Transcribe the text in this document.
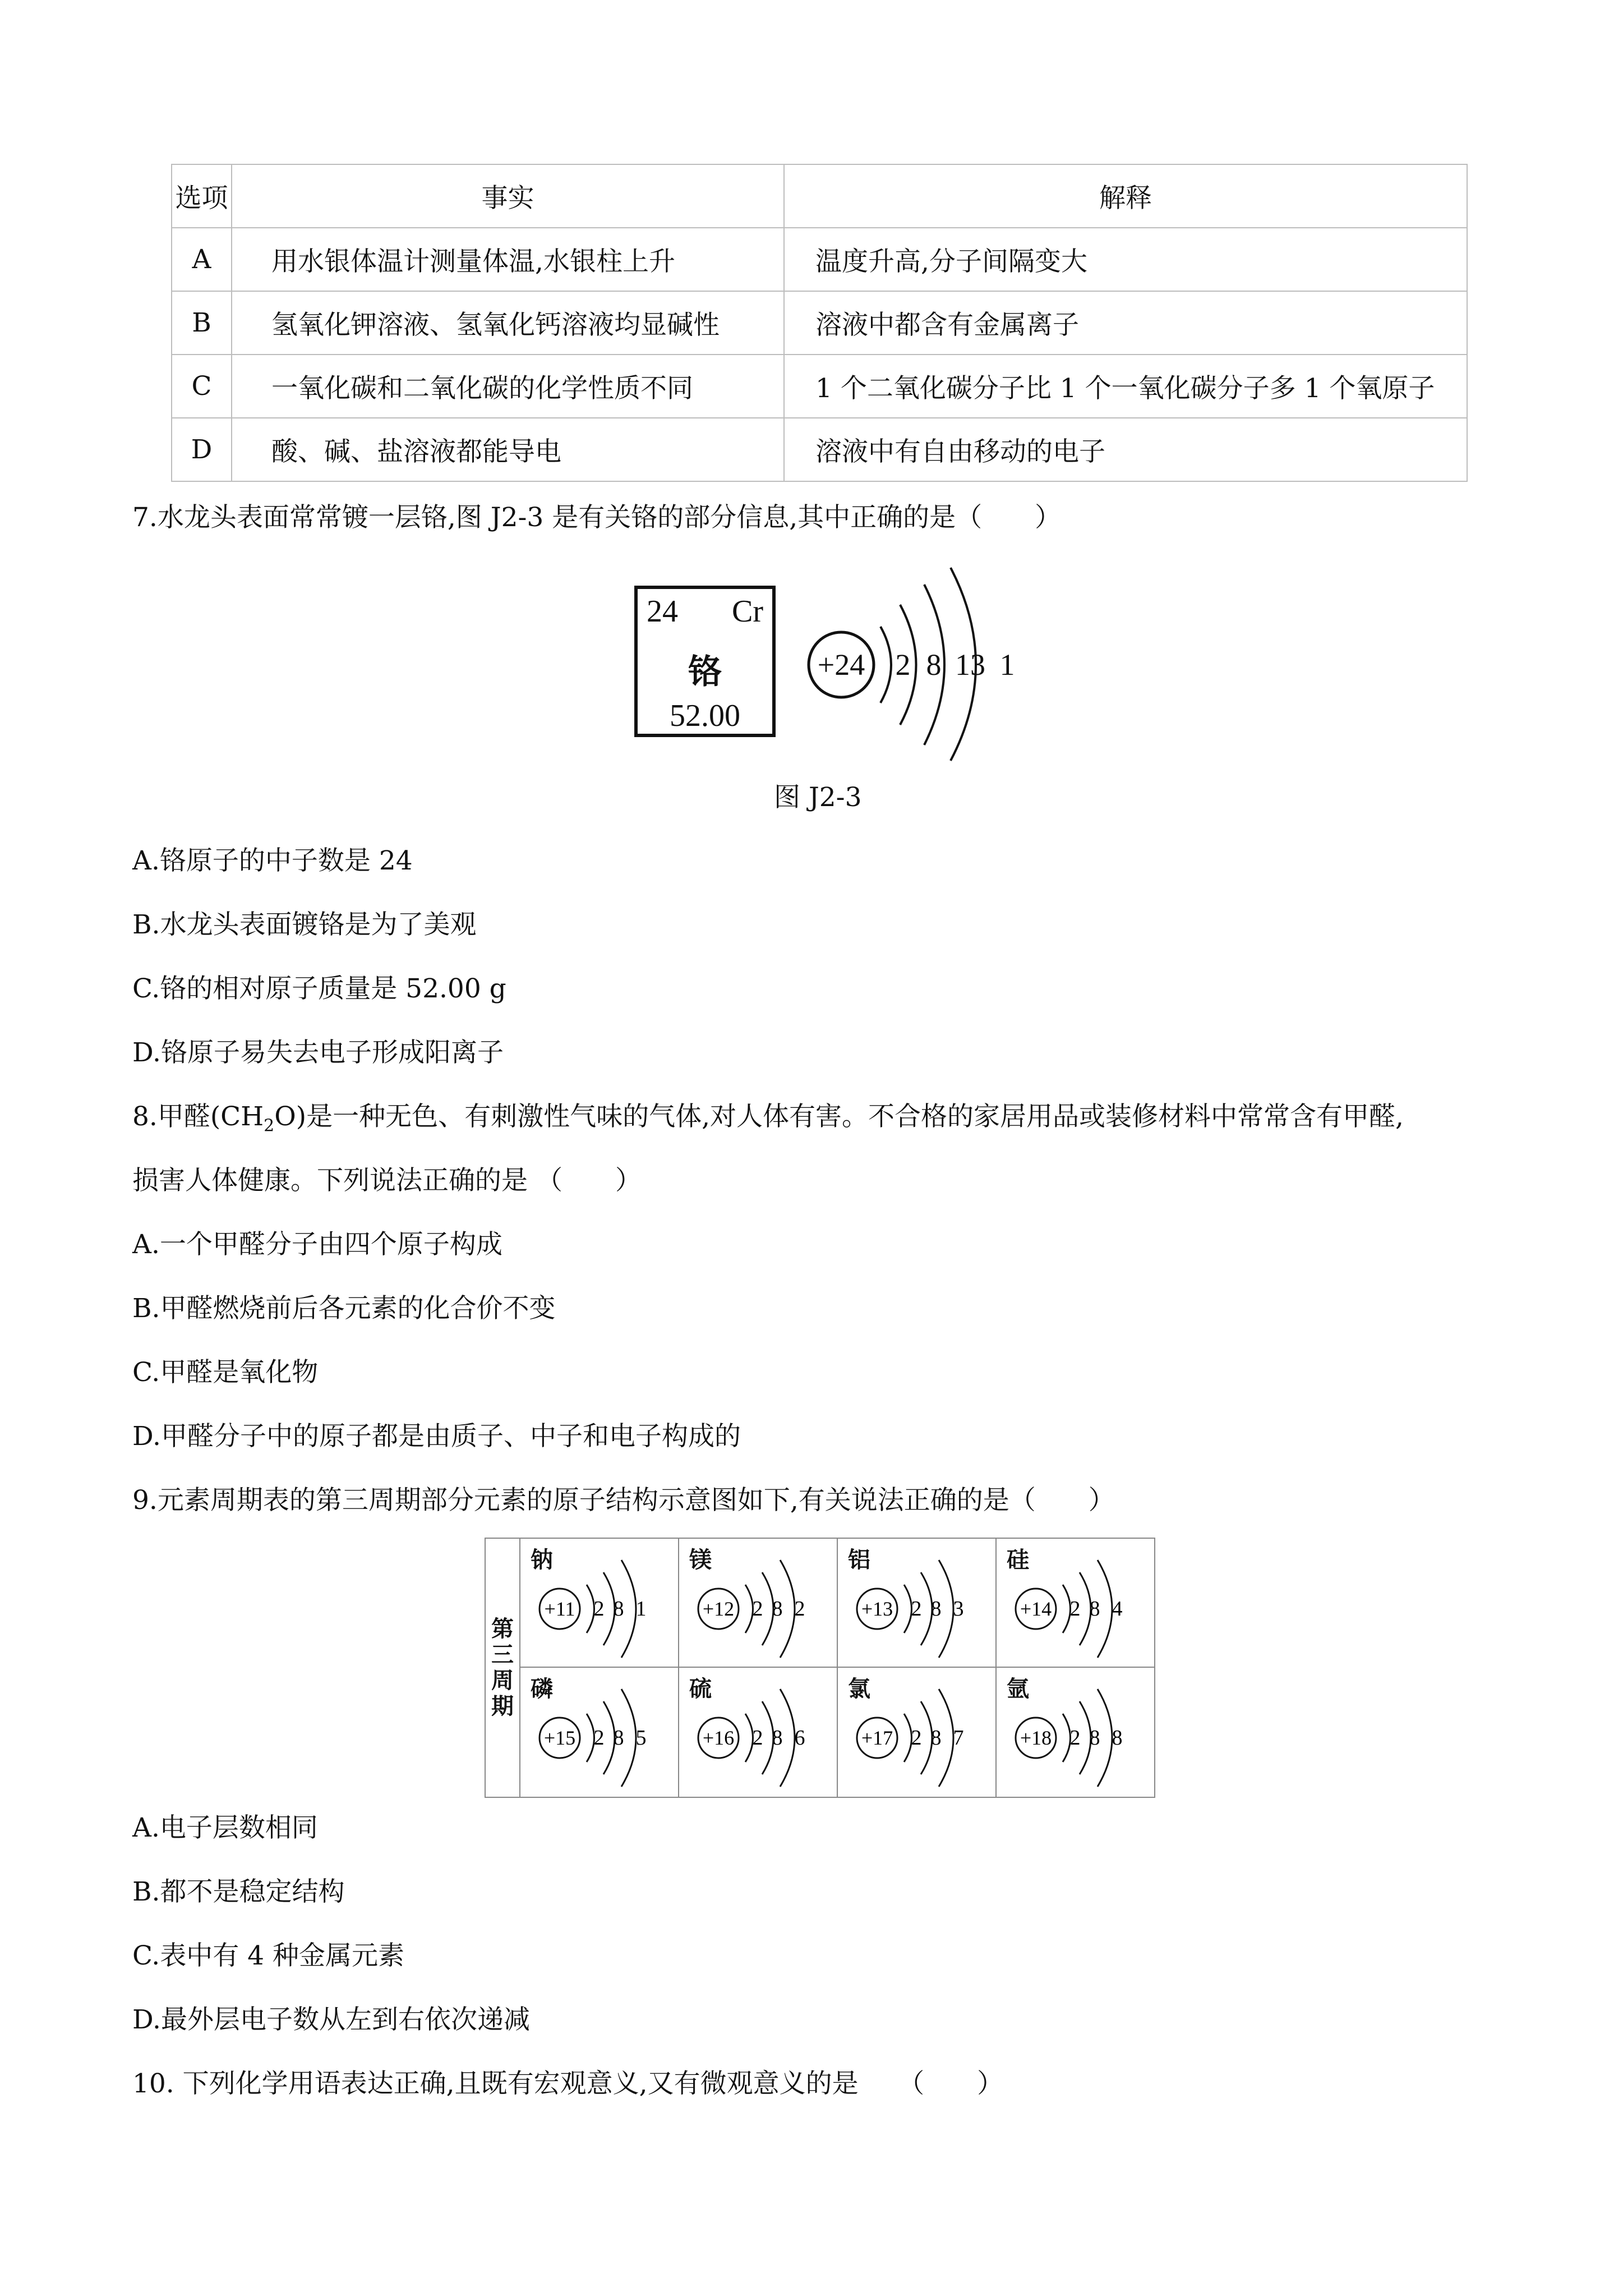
选项	事实	解释
A	用水银体温计测量体温,水银柱上升	温度升高,分子间隔变大
B	氢氧化钾溶液、氢氧化钙溶液均显碱性	溶液中都含有金属离子
C	一氧化碳和二氧化碳的化学性质不同	1 个二氧化碳分子比 1 个一氧化碳分子多 1 个氧原子
D	酸、碱、盐溶液都能导电	溶液中有自由移动的电子
7.水龙头表面常常镀一层铬,图 J2-3 是有关铬的部分信息,其中正确的是（　　）
24 Cr
铬
52.00
+24 2 8 13 1
图 J2-3
A.铬原子的中子数是 24
B.水龙头表面镀铬是为了美观
C.铬的相对原子质量是 52.00 g
D.铬原子易失去电子形成阳离子
8.甲醛$(CH_2O)$是一种无色、有刺激性气味的气体,对人体有害。不合格的家居用品或装修材料中常常含有甲醛,
损害人体健康。下列说法正确的是 （　　）
A.一个甲醛分子由四个原子构成
B.甲醛燃烧前后各元素的化合价不变
C.甲醛是氧化物
D.甲醛分子中的原子都是由质子、中子和电子构成的
9.元素周期表的第三周期部分元素的原子结构示意图如下,有关说法正确的是（　　）
第
三
周
期
钠
+11 2 8 1
镁
+12 2 8 2
铝
+13 2 8 3
硅
+14 2 8 4
磷
+15 2 8 5
硫
+16 2 8 6
氯
+17 2 8 7
氩
+18 2 8 8
A.电子层数相同
B.都不是稳定结构
C.表中有 4 种金属元素
D.最外层电子数从左到右依次递减
10. 下列化学用语表达正确,且既有宏观意义,又有微观意义的是　　（　　）
